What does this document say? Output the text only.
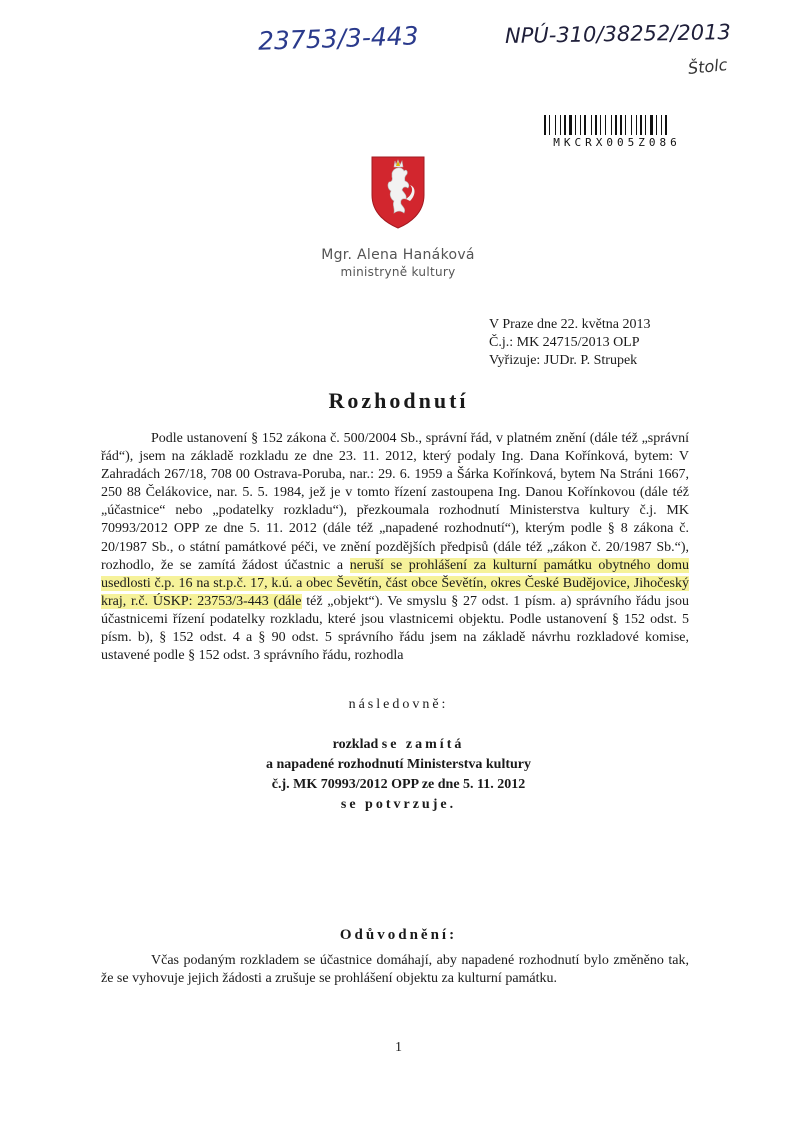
23753/3-443	NPÚ-310/38252/2013
Štolc
MKCRX005Z086
Mgr. Alena Hanáková
ministryně kultury
V Praze dne 22. května 2013
Č.j.: MK 24715/2013 OLP
Vyřizuje: JUDr. P. Strupek
Rozhodnutí
Podle ustanovení § 152 zákona č. 500/2004 Sb., správní řád, v platném znění (dále též „správní řád“), jsem na základě rozkladu ze dne 23. 11. 2012, který podaly Ing. Dana Kořínková, bytem: V Zahradách 267/18, 708 00 Ostrava-Poruba, nar.: 29. 6. 1959 a Šárka Kořínková, bytem Na Stráni 1667, 250 88 Čelákovice, nar. 5. 5. 1984, jež je v tomto řízení zastoupena Ing. Danou Kořínkovou (dále též „účastnice“ nebo „podatelky rozkladu“), přezkoumala rozhodnutí Ministerstva kultury č.j. MK 70993/2012 OPP ze dne 5. 11. 2012 (dále též „napadené rozhodnutí“), kterým podle § 8 zákona č. 20/1987 Sb., o státní památkové péči, ve znění pozdějších předpisů (dále též „zákon č. 20/1987 Sb.“), rozhodlo, že se zamítá žádost účastnic a neruší se prohlášení za kulturní památku obytného domu usedlosti č.p. 16 na st.p.č. 17, k.ú. a obec Ševětín, část obce Ševětín, okres České Budějovice, Jihočeský kraj, r.č. ÚSKP: 23753/3-443 (dále též „objekt“). Ve smyslu § 27 odst. 1 písm. a) správního řádu jsou účastnicemi řízení podatelky rozkladu, které jsou vlastnicemi objektu. Podle ustanovení § 152 odst. 5 písm. b), § 152 odst. 4 a § 90 odst. 5 správního řádu jsem na základě návrhu rozkladové komise, ustavené podle § 152 odst. 3 správního řádu, rozhodla
následovně:
rozklad se zamítá
a napadené rozhodnutí Ministerstva kultury
č.j. MK 70993/2012 OPP ze dne 5. 11. 2012
se potvrzuje.
Odůvodnění:
Včas podaným rozkladem se účastnice domáhají, aby napadené rozhodnutí bylo změněno tak, že se vyhovuje jejich žádosti a zrušuje se prohlášení objektu za kulturní památku.
1
